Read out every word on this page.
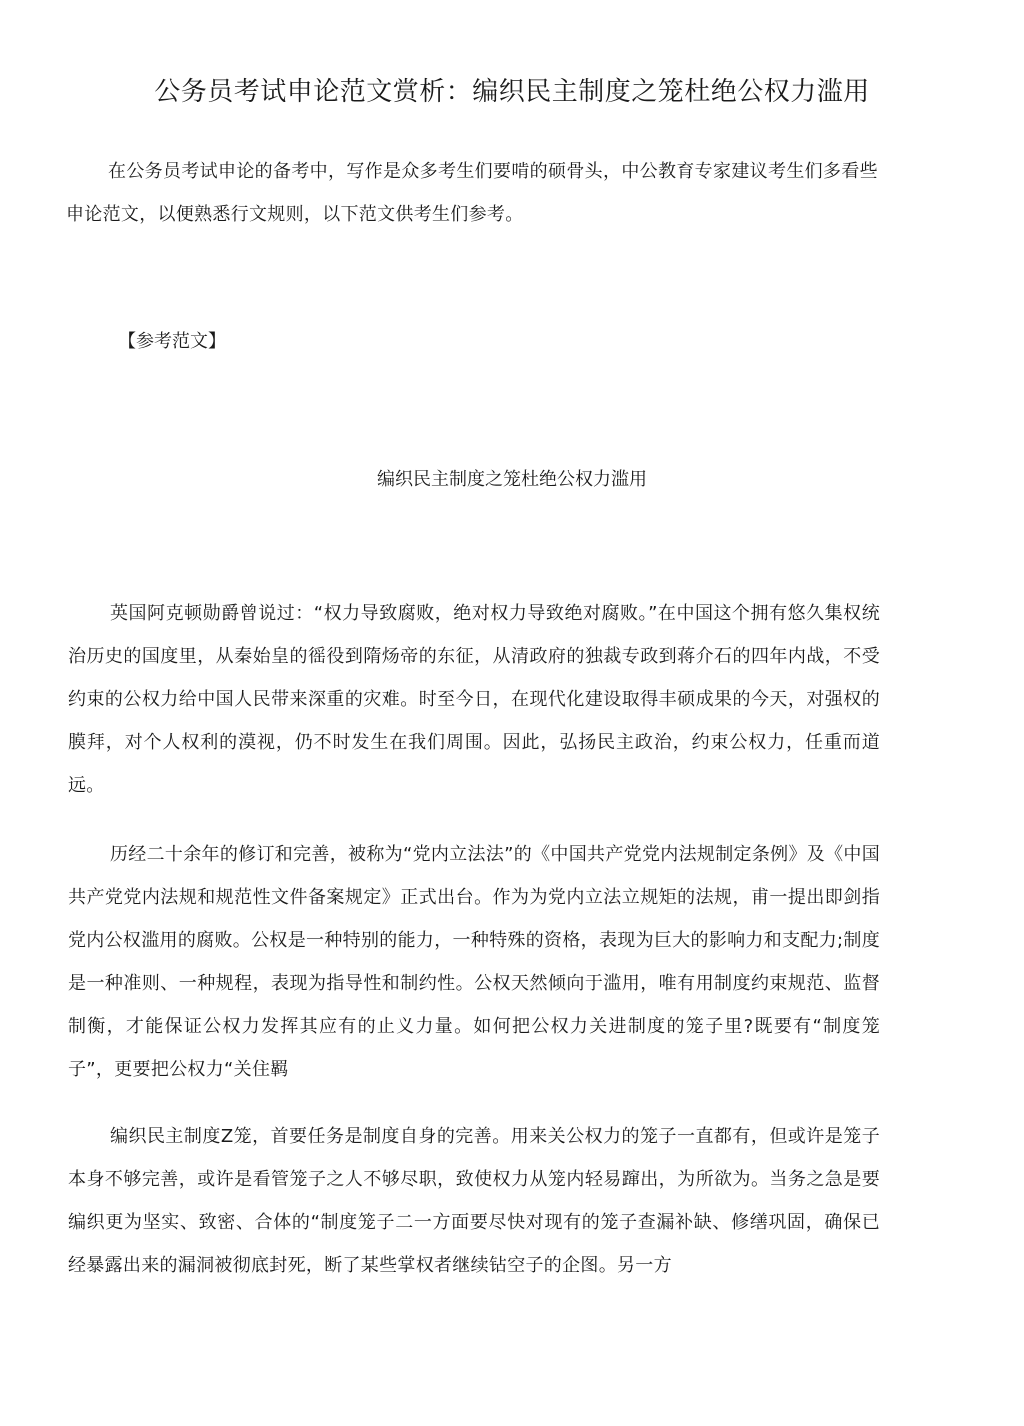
公务员考试申论范文赏析：编织民主制度之笼杜绝公权力滥用

在公务员考试申论的备考中，写作是众多考生们要啃的硕骨头，中公教育专家建议考生们多看些申论范文，以便熟悉行文规则，以下范文供考生们参考。

【参考范文】
编织民主制度之笼杜绝公权力滥用

英国阿克顿勋爵曾说过：“权力导致腐败，绝对权力导致绝对腐败。”在中国这个拥有悠久集权统治历史的国度里，从秦始皇的徭役到隋炀帝的东征，从清政府的独裁专政到蒋介石的四年内战，不受约束的公权力给中国人民带来深重的灾难。时至今日，在现代化建设取得丰硕成果的今天，对强权的膜拜，对个人权利的漠视，仍不时发生在我们周围。因此，弘扬民主政治，约束公权力，任重而道远。

历经二十余年的修订和完善，被称为“党内立法法”的《中国共产党党内法规制定条例》及《中国共产党党内法规和规范性文件备案规定》正式出台。作为为党内立法立规矩的法规，甫一提出即剑指党内公权滥用的腐败。公权是一种特别的能力，一种特殊的资格，表现为巨大的影响力和支配力;制度是一种准则、一种规程，表现为指导性和制约性。公权天然倾向于滥用，唯有用制度约束规范、监督制衡，才能保证公权力发挥其应有的止义力量。如何把公权力关进制度的笼子里?既要有“制度笼子”，更要把公权力“关住羁

编织民主制度Z笼，首要任务是制度自身的完善。用来关公权力的笼子一直都有，但或许是笼子本身不够完善，或许是看管笼子之人不够尽职，致使权力从笼内轻易蹿出，为所欲为。当务之急是要编织更为坚实、致密、合体的“制度笼子二一方面要尽快对现有的笼子查漏补缺、修缮巩固，确保已经暴露出来的漏洞被彻底封死，断了某些掌权者继续钻空子的企图。另一方
